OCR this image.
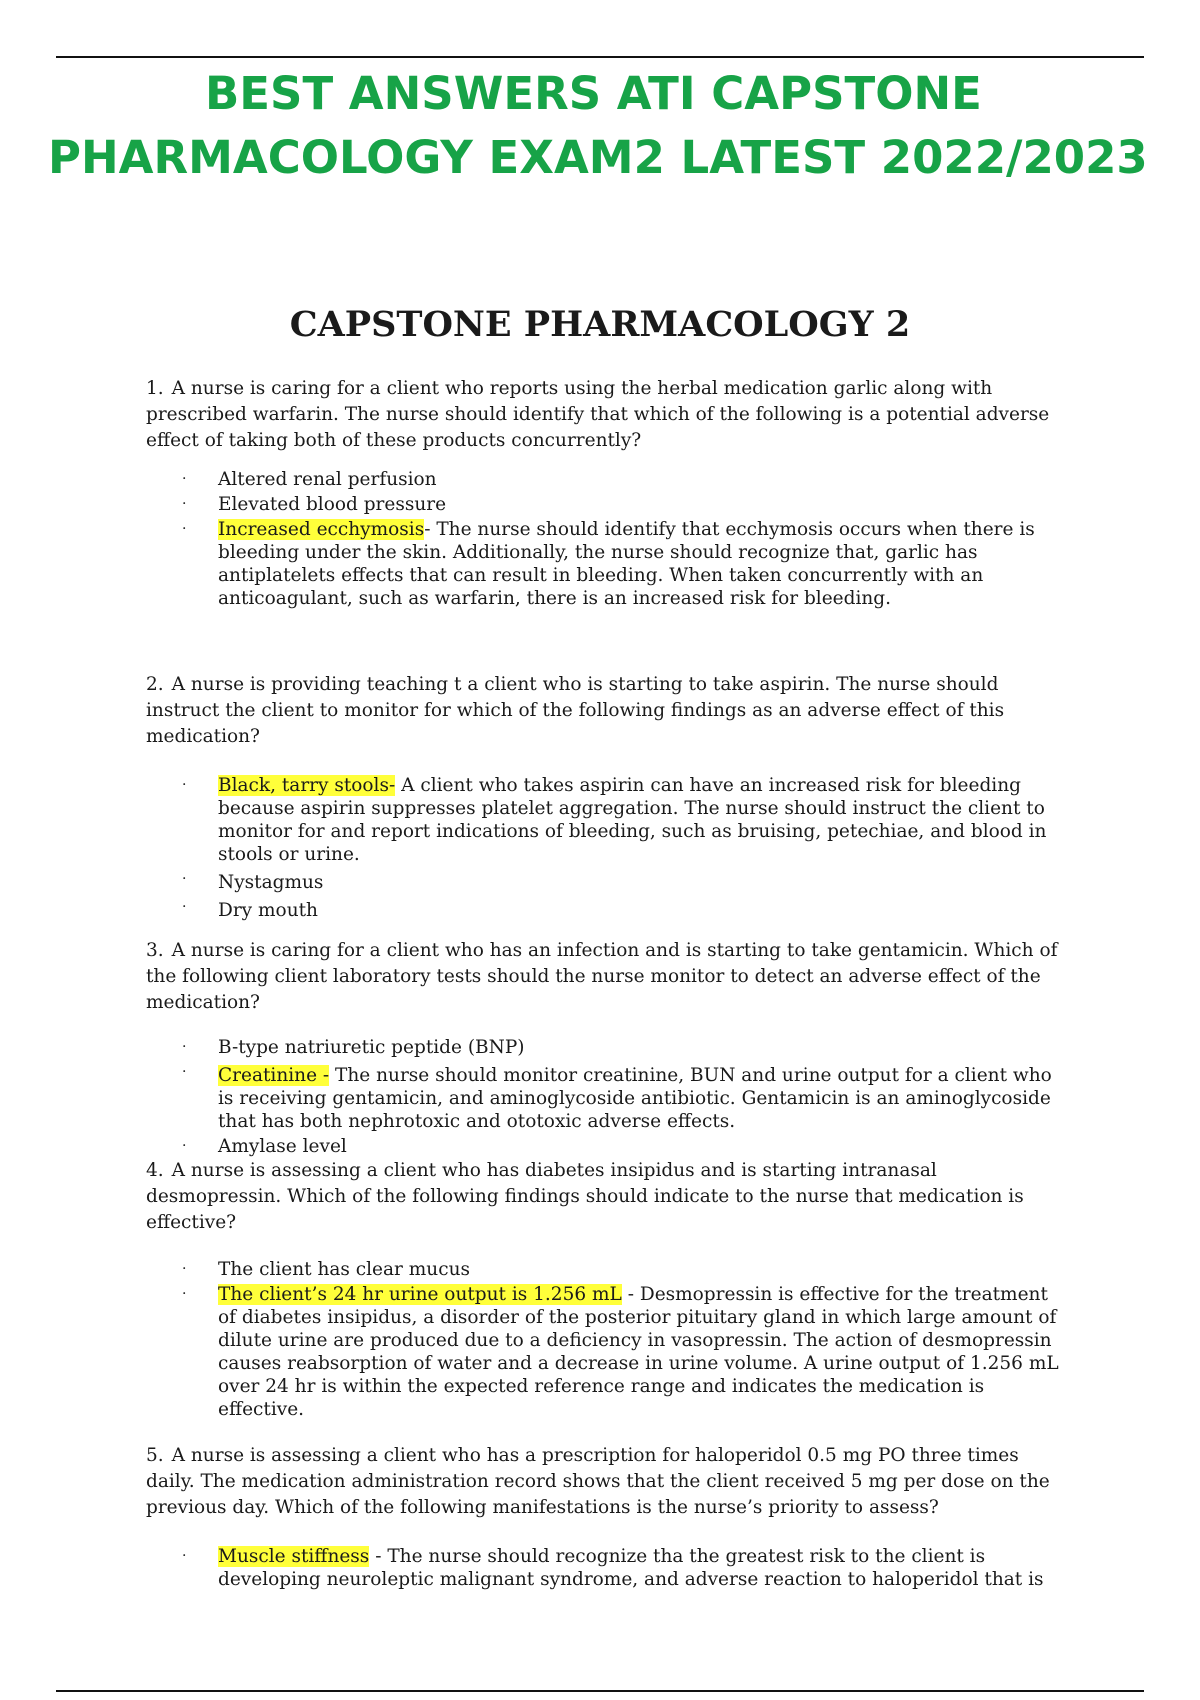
BEST ANSWERS ATI CAPSTONE
PHARMACOLOGY EXAM2 LATEST 2022/2023
CAPSTONE PHARMACOLOGY 2

1. A nurse is caring for a client who reports using the herbal medication garlic along with prescribed warfarin. The nurse should identify that which of the following is a potential adverse effect of taking both of these products concurrently?

· Altered renal perfusion
· Elevated blood pressure
· Increased ecchymosis- The nurse should identify that ecchymosis occurs when there is bleeding under the skin. Additionally, the nurse should recognize that, garlic has antiplatelets effects that can result in bleeding. When taken concurrently with an anticoagulant, such as warfarin, there is an increased risk for bleeding.

2. A nurse is providing teaching t a client who is starting to take aspirin. The nurse should instruct the client to monitor for which of the following findings as an adverse effect of this medication?

· Black, tarry stools- A client who takes aspirin can have an increased risk for bleeding because aspirin suppresses platelet aggregation. The nurse should instruct the client to monitor for and report indications of bleeding, such as bruising, petechiae, and blood in stools or urine.
· Nystagmus
· Dry mouth

3. A nurse is caring for a client who has an infection and is starting to take gentamicin. Which of the following client laboratory tests should the nurse monitor to detect an adverse effect of the medication?

· B-type natriuretic peptide (BNP)
· Creatinine - The nurse should monitor creatinine, BUN and urine output for a client who is receiving gentamicin, and aminoglycoside antibiotic. Gentamicin is an aminoglycoside that has both nephrotoxic and ototoxic adverse effects.
· Amylase level

4. A nurse is assessing a client who has diabetes insipidus and is starting intranasal desmopressin. Which of the following findings should indicate to the nurse that medication is effective?

· The client has clear mucus
· The client’s 24 hr urine output is 1.256 mL - Desmopressin is effective for the treatment of diabetes insipidus, a disorder of the posterior pituitary gland in which large amount of dilute urine are produced due to a deficiency in vasopressin. The action of desmopressin causes reabsorption of water and a decrease in urine volume. A urine output of 1.256 mL over 24 hr is within the expected reference range and indicates the medication is effective.

5. A nurse is assessing a client who has a prescription for haloperidol 0.5 mg PO three times daily. The medication administration record shows that the client received 5 mg per dose on the previous day. Which of the following manifestations is the nurse’s priority to assess?

· Muscle stiffness - The nurse should recognize tha the greatest risk to the client is developing neuroleptic malignant syndrome, and adverse reaction to haloperidol that is
